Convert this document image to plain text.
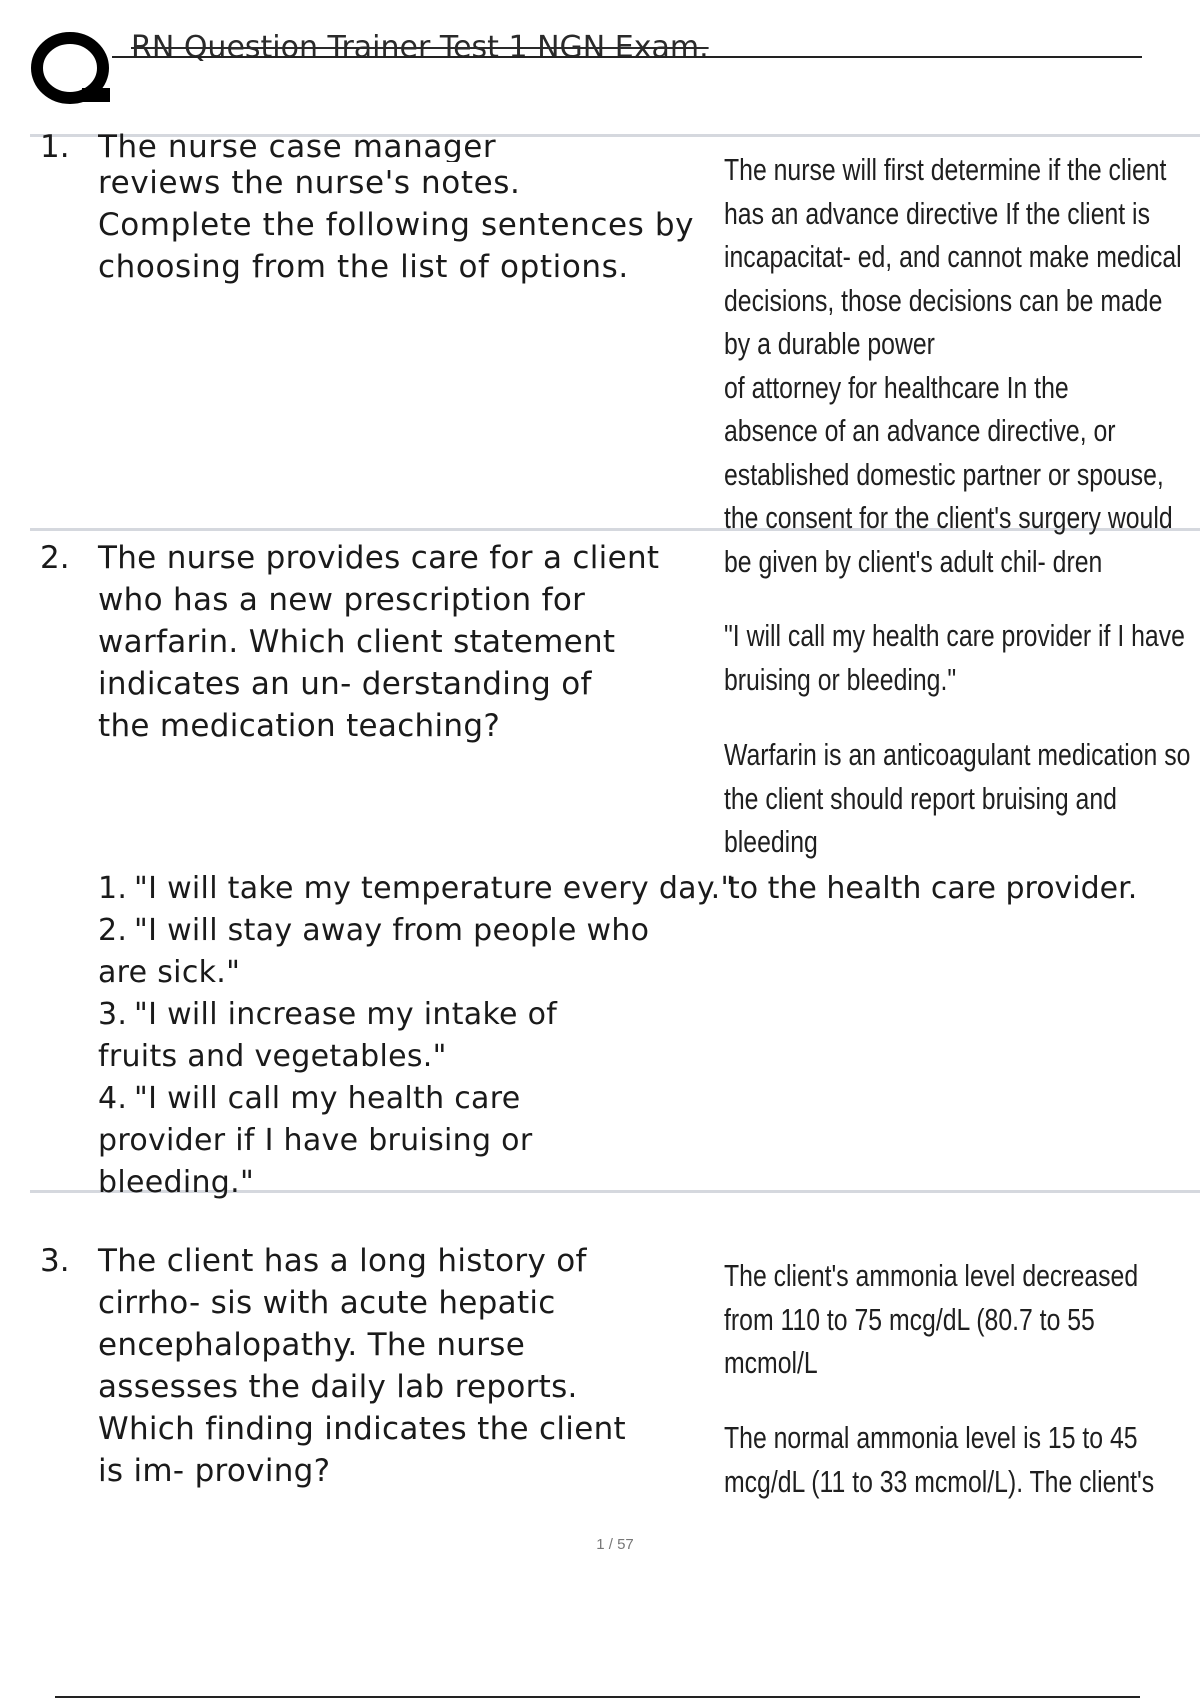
RN Question Trainer Test 1 NGN Exam.
1. The nurse case manager
reviews the nurse's notes.
Complete the following sentences by
choosing from the list of options.
The nurse will first determine if the client
has an advance directive If the client is
incapacitat- ed, and cannot make medical
decisions, those decisions can be made
by a durable power
of attorney for healthcare In the
absence of an advance directive, or
established domestic partner or spouse,
the consent for the client's surgery would
be given by client's adult chil- dren
2. The nurse provides care for a client
who has a new prescription for
warfarin. Which client statement
indicates an un- derstanding of
the medication teaching?
"I will call my health care provider if I have
bruising or bleeding."
Warfarin is an anticoagulant medication so
the client should report bruising and
bleeding
to the health care provider.
1. "I will take my temperature every day."
2. "I will stay away from people who
are sick."
3. "I will increase my intake of
fruits and vegetables."
4. "I will call my health care
provider if I have bruising or
bleeding."
3. The client has a long history of
cirrho- sis with acute hepatic
encephalopathy. The nurse
assesses the daily lab reports.
Which finding indicates the client
is im- proving?
The client's ammonia level decreased
from 110 to 75 mcg/dL (80.7 to 55
mcmol/L
The normal ammonia level is 15 to 45
mcg/dL (11 to 33 mcmol/L). The client's
1 / 57
